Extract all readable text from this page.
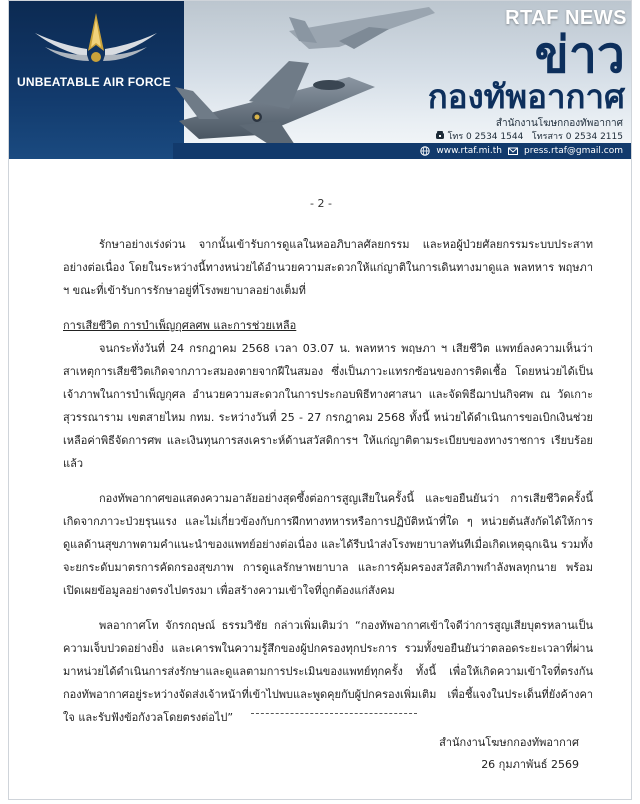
UNBEATABLE AIR FORCE
RTAF NEWS
ข่าว
กองทัพอากาศ
สำนักงานโฆษกกองทัพอากาศ
โทร 0 2534 1544 โทรสาร 0 2534 2115
www.rtaf.mi.th press.rtaf@gmail.com
- 2 -

รักษาอย่างเร่งด่วน จากนั้นเข้ารับการดูแลในหออภิบาลศัลยกรรม และหอผู้ป่วยศัลยกรรมระบบประสาทอย่างต่อเนื่อง โดยในระหว่างนี้ทางหน่วยได้อำนวยความสะดวกให้แก่ญาติในการเดินทางมาดูแล พลทหาร พฤษภา ฯ ขณะที่เข้ารับการรักษาอยู่ที่โรงพยาบาลอย่างเต็มที่

การเสียชีวิต การบำเพ็ญกุศลศพ และการช่วยเหลือ

จนกระทั่งวันที่ 24 กรกฎาคม 2568 เวลา 03.07 น. พลทหาร พฤษภา ฯ เสียชีวิต แพทย์ลงความเห็นว่าสาเหตุการเสียชีวิตเกิดจากภาวะสมองตายจากฝีในสมอง ซึ่งเป็นภาวะแทรกซ้อนของการติดเชื้อ โดยหน่วยได้เป็นเจ้าภาพในการบำเพ็ญกุศล อำนวยความสะดวกในการประกอบพิธีทางศาสนา และจัดพิธีฌาปนกิจศพ ณ วัดเกาะสุวรรณาราม เขตสายไหม กทม. ระหว่างวันที่ 25 - 27 กรกฎาคม 2568 ทั้งนี้ หน่วยได้ดำเนินการขอเบิกเงินช่วยเหลือค่าพิธีจัดการศพ และเงินทุนการสงเคราะห์ด้านสวัสดิการฯ ให้แก่ญาติตามระเบียบของทางราชการ เรียบร้อยแล้ว

กองทัพอากาศขอแสดงความอาลัยอย่างสุดซึ้งต่อการสูญเสียในครั้งนี้ และขอยืนยันว่า การเสียชีวิตครั้งนี้เกิดจากภาวะป่วยรุนแรง และไม่เกี่ยวข้องกับการฝึกทางทหารหรือการปฏิบัติหน้าที่ใด ๆ หน่วยต้นสังกัดได้ให้การดูแลด้านสุขภาพตามคำแนะนำของแพทย์อย่างต่อเนื่อง และได้รีบนำส่งโรงพยาบาลทันทีเมื่อเกิดเหตุฉุกเฉิน รวมทั้งจะยกระดับมาตรการคัดกรองสุขภาพ การดูแลรักษาพยาบาล และการคุ้มครองสวัสดิภาพกำลังพลทุกนาย พร้อมเปิดเผยข้อมูลอย่างตรงไปตรงมา เพื่อสร้างความเข้าใจที่ถูกต้องแก่สังคม

พลอากาศโท จักรกฤษณ์ ธรรมวิชัย กล่าวเพิ่มเติมว่า “กองทัพอากาศเข้าใจดีว่าการสูญเสียบุตรหลานเป็นความเจ็บปวดอย่างยิ่ง และเคารพในความรู้สึกของผู้ปกครองทุกประการ รวมทั้งขอยืนยันว่าตลอดระยะเวลาที่ผ่านมาหน่วยได้ดำเนินการส่งรักษาและดูแลตามการประเมินของแพทย์ทุกครั้ง ทั้งนี้ เพื่อให้เกิดความเข้าใจที่ตรงกัน กองทัพอากาศอยู่ระหว่างจัดส่งเจ้าหน้าที่เข้าไปพบและพูดคุยกับผู้ปกครองเพิ่มเติม เพื่อชี้แจงในประเด็นที่ยังค้างคาใจ และรับฟังข้อกังวลโดยตรงต่อไป”

สำนักงานโฆษกกองทัพอากาศ
26 กุมภาพันธ์ 2569
